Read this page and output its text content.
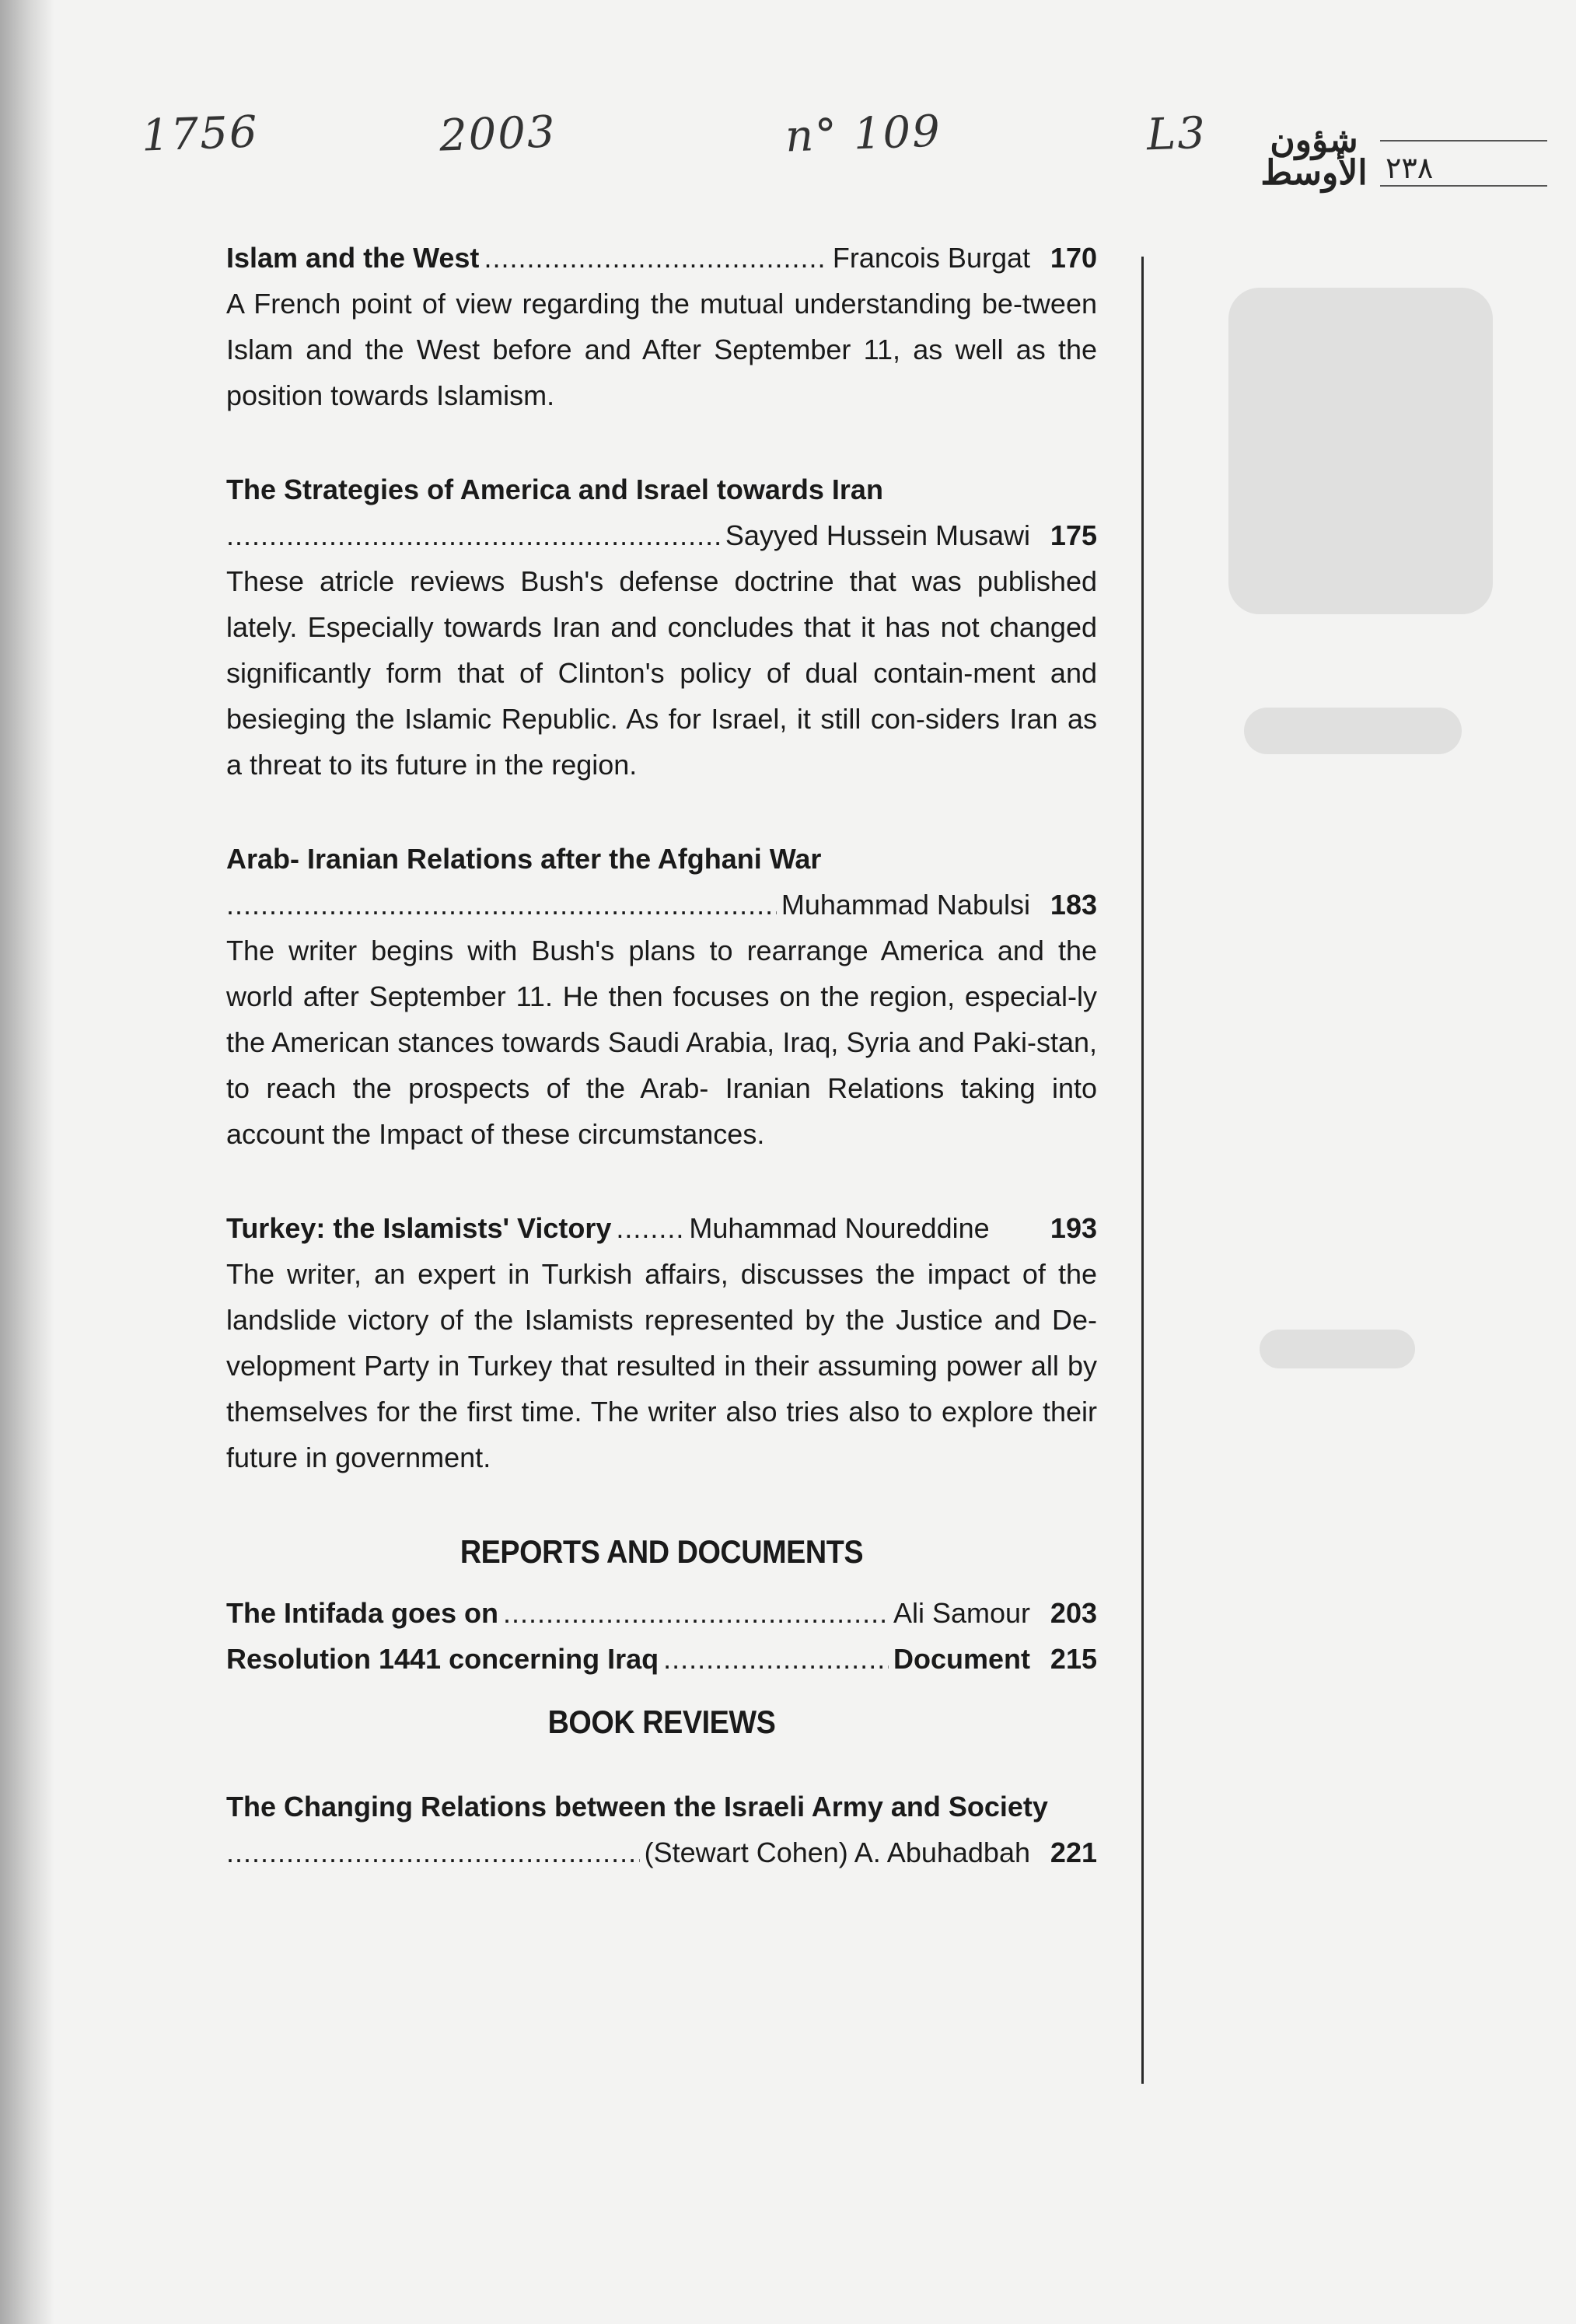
1756	2003	n° 109	L3	شؤون
الأوسط ٢٣٨
Islam and the West .....	Francois Burgat 170
A French point of view regarding the mutual understanding be-tween Islam and the West before and After September 11, as well as the position towards Islamism.
The Strategies of America and Israel towards Iran
.....
Sayyed Hussein Musawi 175
These atricle reviews Bush's defense doctrine that was published lately. Especially towards Iran and concludes that it has not changed significantly form that of Clinton's policy of dual contain-ment and besieging the Islamic Republic. As for Israel, it still con-siders Iran as a threat to its future in the region.
Arab- Iranian Relations after the Afghani War
.....
Muhammad Nabulsi 183
The writer begins with Bush's plans to rearrange America and the world after September 11. He then focuses on the region, especial-ly the American stances towards Saudi Arabia, Iraq, Syria and Paki-stan, to reach the prospects of the Arab- Iranian Relations taking into account the Impact of these circumstances.
Turkey: the Islamists' Victory .....	Muhammad Noureddine 193
The writer, an expert in Turkish affairs, discusses the impact of the landslide victory of the Islamists represented by the Justice and De-velopment Party in Turkey that resulted in their assuming power all by themselves for the first time. The writer also tries also to explore their future in government.
REPORTS AND DOCUMENTS
The Intifada goes on .....	Ali Samour 203
Resolution 1441 concerning Iraq .....	Document 215
BOOK REVIEWS
The Changing Relations between the Israeli Army and Society
.....
(Stewart Cohen) A. Abuhadbah 221
